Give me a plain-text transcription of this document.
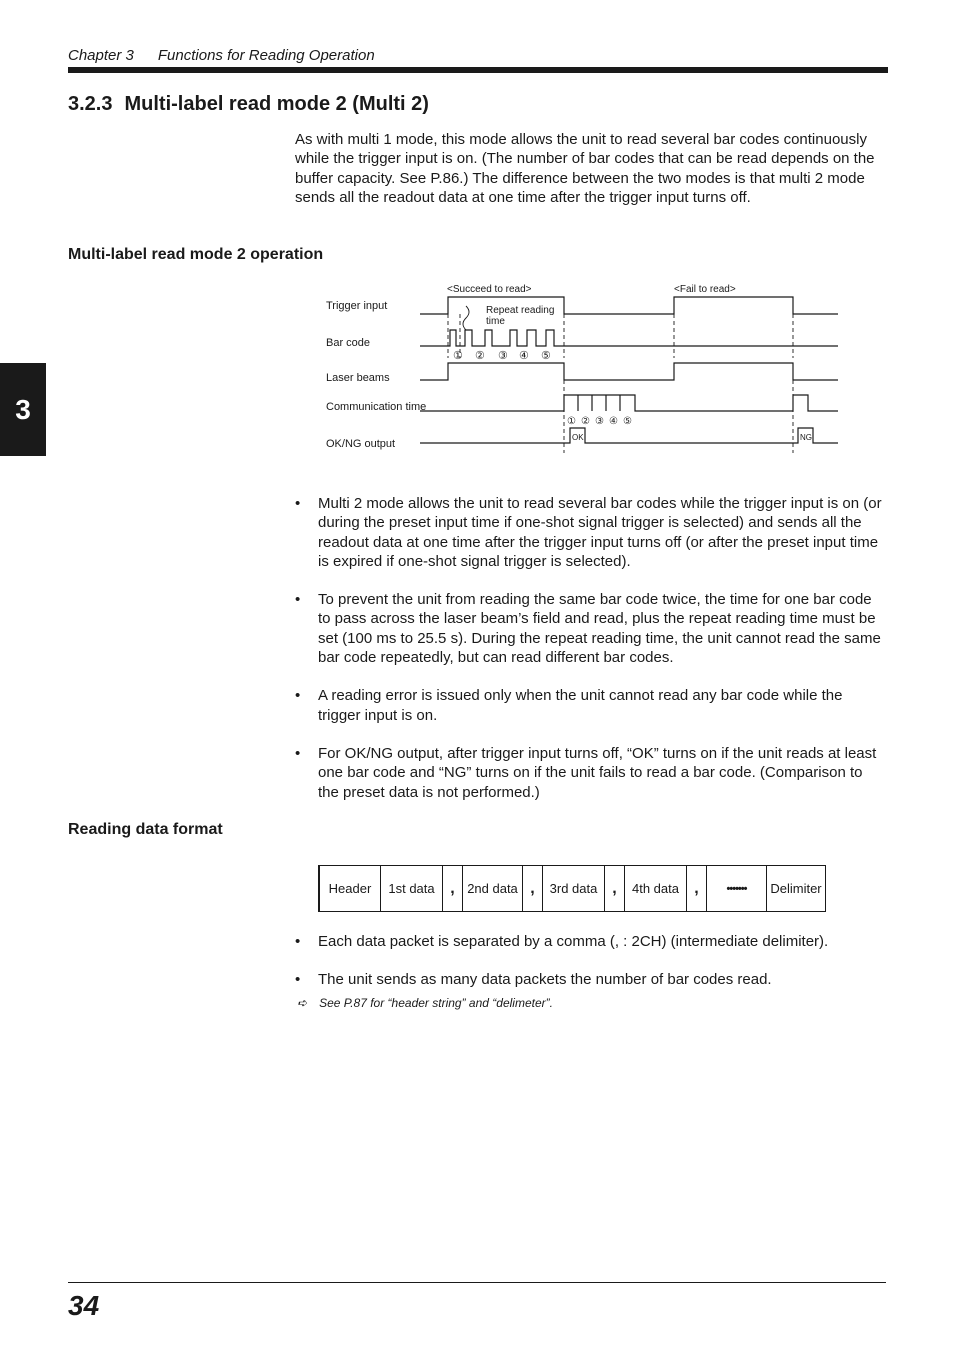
Chapter 3 Functions for Reading Operation
3.2.3 Multi-label read mode 2 (Multi 2)

As with multi 1 mode, this mode allows the unit to read several bar codes continuously while the trigger input is on. (The number of bar codes that can be read depends on the buffer capacity. See P.86.) The difference between the two modes is that multi 2 mode sends all the readout data at one time after the trigger input turns off.

Multi-label read mode 2 operation
<Succeed to read>	<Fail to read>
Trigger input
Bar code
Laser beams
Communication time
OK/NG output
Repeat reading
time
① ② ③ ④ ⑤
① ② ③ ④ ⑤
OK	NG
• Multi 2 mode allows the unit to read several bar codes while the trigger input is on (or during the preset input time if one-shot signal trigger is selected) and sends all the readout data at one time after the trigger input turns off (or after the preset input time is expired if one-shot signal trigger is selected).
• To prevent the unit from reading the same bar code twice, the time for one bar code to pass across the laser beam’s field and read, plus the repeat reading time must be set (100 ms to 25.5 s). During the repeat reading time, the unit cannot read the same bar code repeatedly, but can read different bar codes.
• A reading error is issued only when the unit cannot read any bar code while the trigger input is on.
• For OK/NG output, after trigger input turns off, “OK” turns on if the unit reads at least one bar code and “NG” turns on if the unit fails to read a bar code. (Comparison to the preset data is not performed.)
Reading data format
Header	1st data , 2nd data ,	3rd data ,	4th data ,	•••••••	Delimiter
• Each data packet is separated by a comma (, : 2CH) (intermediate delimiter).
• The unit sends as many data packets the number of bar codes read.
➪ See P.87 for “header string” and “delimeter”.
3
34
